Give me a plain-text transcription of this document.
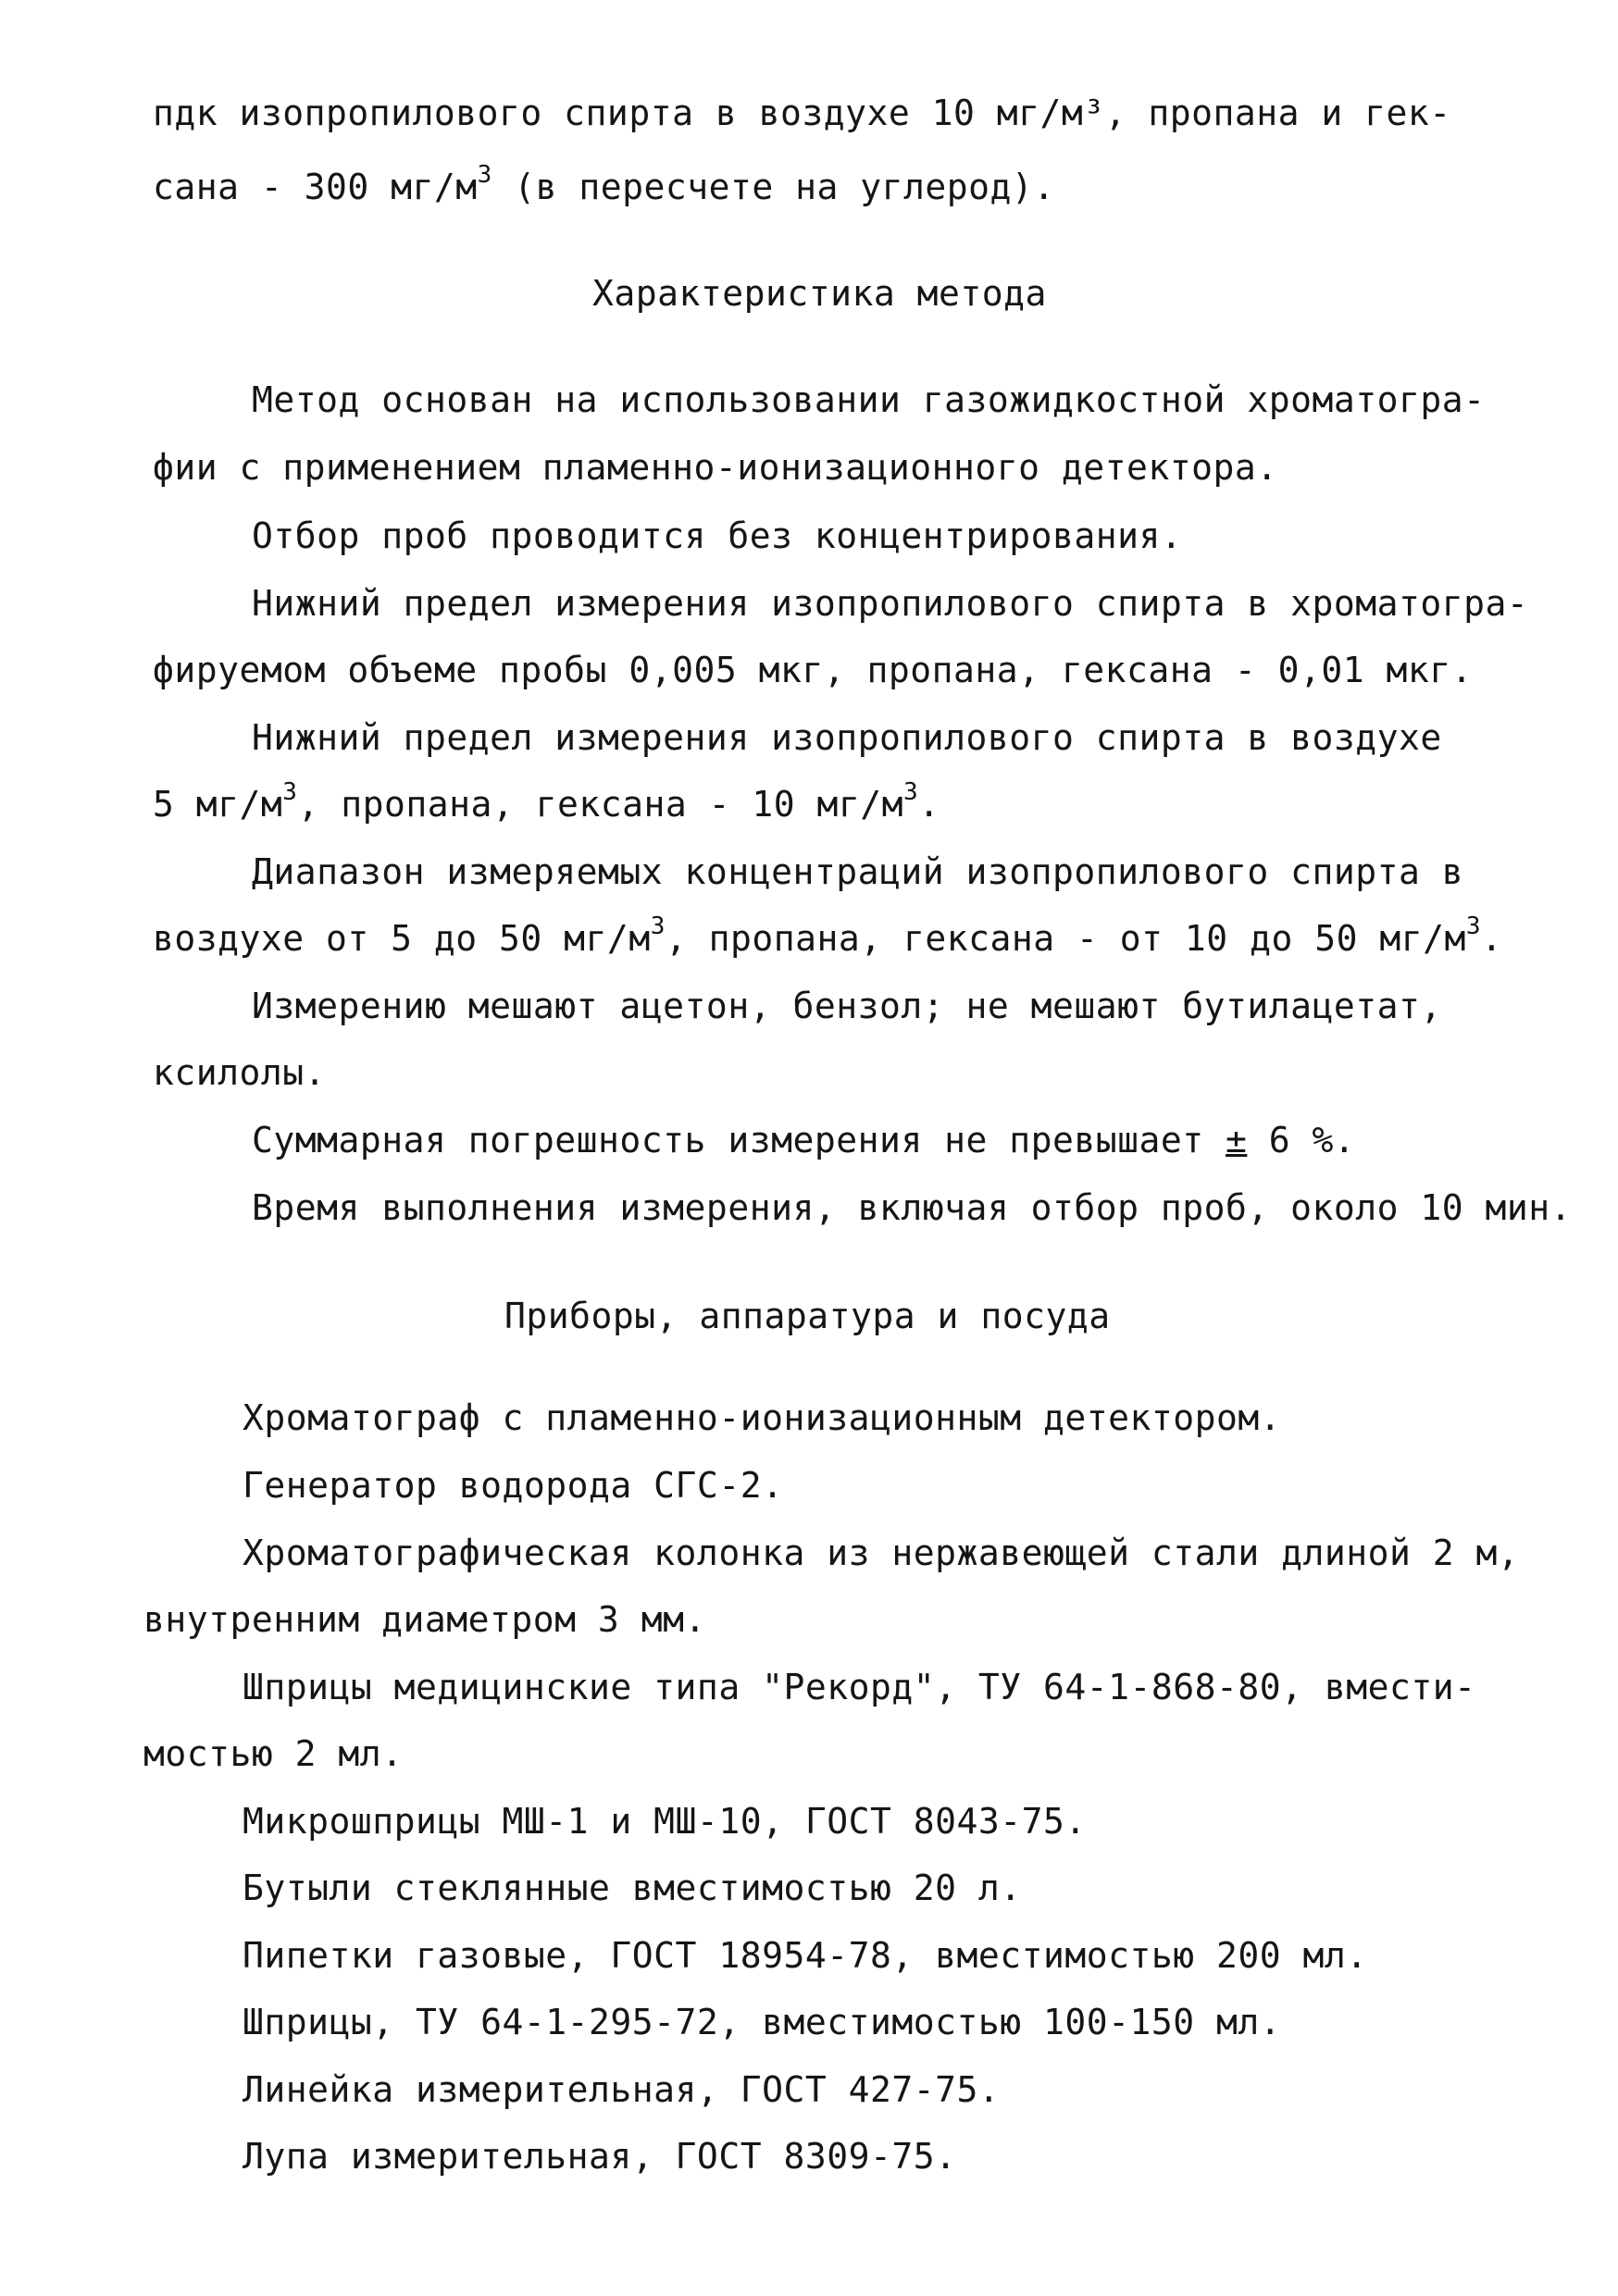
пдк изопропилового спирта в воздухе 10 мг/м³, пропана и гек-
сана - 300 $мг/м^3$ (в пересчете на углерод).
Характеристика метода
Метод основан на использовании газожидкостной хроматогра-
фии с применением пламенно-ионизационного детектора.
Отбор проб проводится без концентрирования.
Нижний предел измерения изопропилового спирта в хроматогра-
фируемом объеме пробы 0,005 мкг, пропана, гексана - 0,01 мкг.
Нижний предел измерения изопропилового спирта в воздухе
5 $мг/м^3$, пропана, гексана - 10 $мг/м^3$.
Диапазон измеряемых концентраций изопропилового спирта в
воздухе от 5 до 50 $мг/м^3$, пропана, гексана - от 10 до 50 $мг/м^3$.
Измерению мешают ацетон, бензол; не мешают бутилацетат,
ксилолы.
Суммарная погрешность измерения не превышает ± 6 %.
Время выполнения измерения, включая отбор проб, около 10 мин.
Приборы, аппаратура и посуда
Хроматограф с пламенно-ионизационным детектором.
Генератор водорода СГС-2.
Хроматографическая колонка из нержавеющей стали длиной 2 м,
внутренним диаметром 3 мм.
Шприцы медицинские типа "Рекорд", ТУ 64-1-868-80, вмести-
мостью 2 мл.
Микрошприцы МШ-1 и МШ-10, ГОСТ 8043-75.
Бутыли стеклянные вместимостью 20 л.
Пипетки газовые, ГОСТ 18954-78, вместимостью 200 мл.
Шприцы, ТУ 64-1-295-72, вместимостью 100-150 мл.
Линейка измерительная, ГОСТ 427-75.
Лупа измерительная, ГОСТ 8309-75.
